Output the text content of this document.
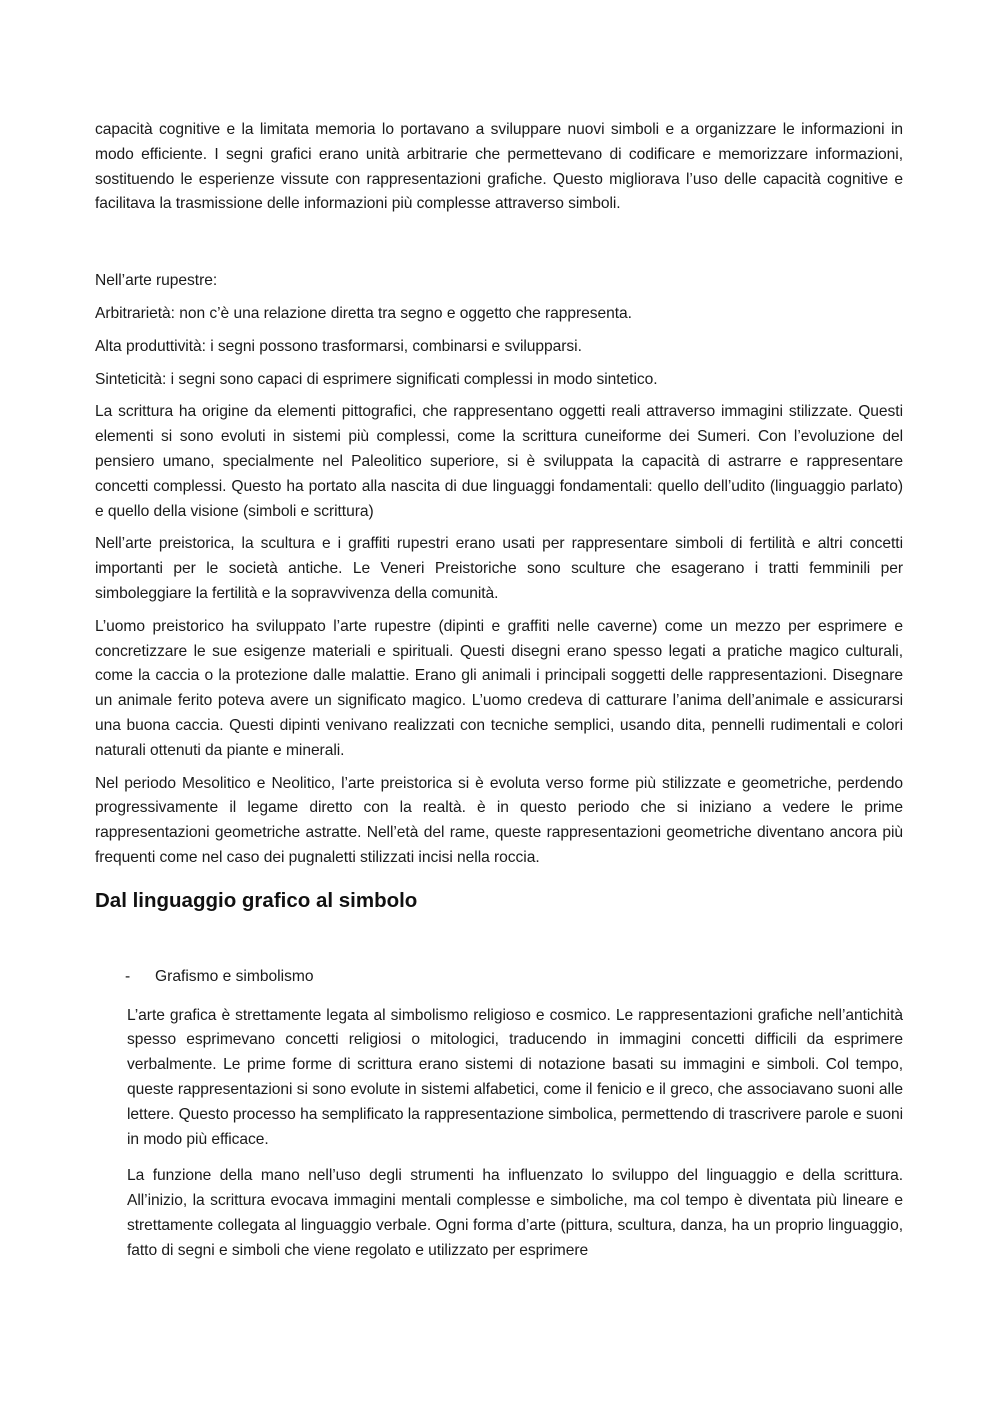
capacità cognitive e la limitata memoria lo portavano a sviluppare nuovi simboli e a organizzare le informazioni in modo efficiente. I segni grafici erano unità arbitrarie che permettevano di codificare e memorizzare informazioni, sostituendo le esperienze vissute con rappresentazioni grafiche. Questo migliorava l’uso delle capacità cognitive e facilitava la trasmissione delle informazioni più complesse attraverso simboli.

Nell’arte rupestre:

Arbitrarietà: non c’è una relazione diretta tra segno e oggetto che rappresenta.

Alta produttività: i segni possono trasformarsi, combinarsi e svilupparsi.

Sinteticità: i segni sono capaci di esprimere significati complessi in modo sintetico.

La scrittura ha origine da elementi pittografici, che rappresentano oggetti reali attraverso immagini stilizzate. Questi elementi si sono evoluti in sistemi più complessi, come la scrittura cuneiforme dei Sumeri. Con l’evoluzione del pensiero umano, specialmente nel Paleolitico superiore, si è sviluppata la capacità di astrarre e rappresentare concetti complessi. Questo ha portato alla nascita di due linguaggi fondamentali: quello dell’udito (linguaggio parlato) e quello della visione (simboli e scrittura)

Nell’arte preistorica, la scultura e i graffiti rupestri erano usati per rappresentare simboli di fertilità e altri concetti importanti per le società antiche. Le Veneri Preistoriche sono sculture che esagerano i tratti femminili per simboleggiare la fertilità e la sopravvivenza della comunità.

L’uomo preistorico ha sviluppato l’arte rupestre (dipinti e graffiti nelle caverne) come un mezzo per esprimere e concretizzare le sue esigenze materiali e spirituali. Questi disegni erano spesso legati a pratiche magico culturali, come la caccia o la protezione dalle malattie. Erano gli animali i principali soggetti delle rappresentazioni. Disegnare un animale ferito poteva avere un significato magico. L’uomo credeva di catturare l’anima dell’animale e assicurarsi una buona caccia. Questi dipinti venivano realizzati con tecniche semplici, usando dita, pennelli rudimentali e colori naturali ottenuti da piante e minerali.

Nel periodo Mesolitico e Neolitico, l’arte preistorica si è evoluta verso forme più stilizzate e geometriche, perdendo progressivamente il legame diretto con la realtà. è in questo periodo che si iniziano a vedere le prime rappresentazioni geometriche astratte. Nell’età del rame, queste rappresentazioni geometriche diventano ancora più frequenti come nel caso dei pugnaletti stilizzati incisi nella roccia.

Dal linguaggio grafico al simbolo
-	Grafismo e simbolismo

L’arte grafica è strettamente legata al simbolismo religioso e cosmico. Le rappresentazioni grafiche nell’antichità spesso esprimevano concetti religiosi o mitologici, traducendo in immagini concetti difficili da esprimere verbalmente. Le prime forme di scrittura erano sistemi di notazione basati su immagini e simboli. Col tempo, queste rappresentazioni si sono evolute in sistemi alfabetici, come il fenicio e il greco, che associavano suoni alle lettere. Questo processo ha semplificato la rappresentazione simbolica, permettendo di trascrivere parole e suoni in modo più efficace.

La funzione della mano nell’uso degli strumenti ha influenzato lo sviluppo del linguaggio e della scrittura. All’inizio, la scrittura evocava immagini mentali complesse e simboliche, ma col tempo è diventata più lineare e strettamente collegata al linguaggio verbale. Ogni forma d’arte (pittura, scultura, danza, ha un proprio linguaggio, fatto di segni e simboli che viene regolato e utilizzato per esprimere
